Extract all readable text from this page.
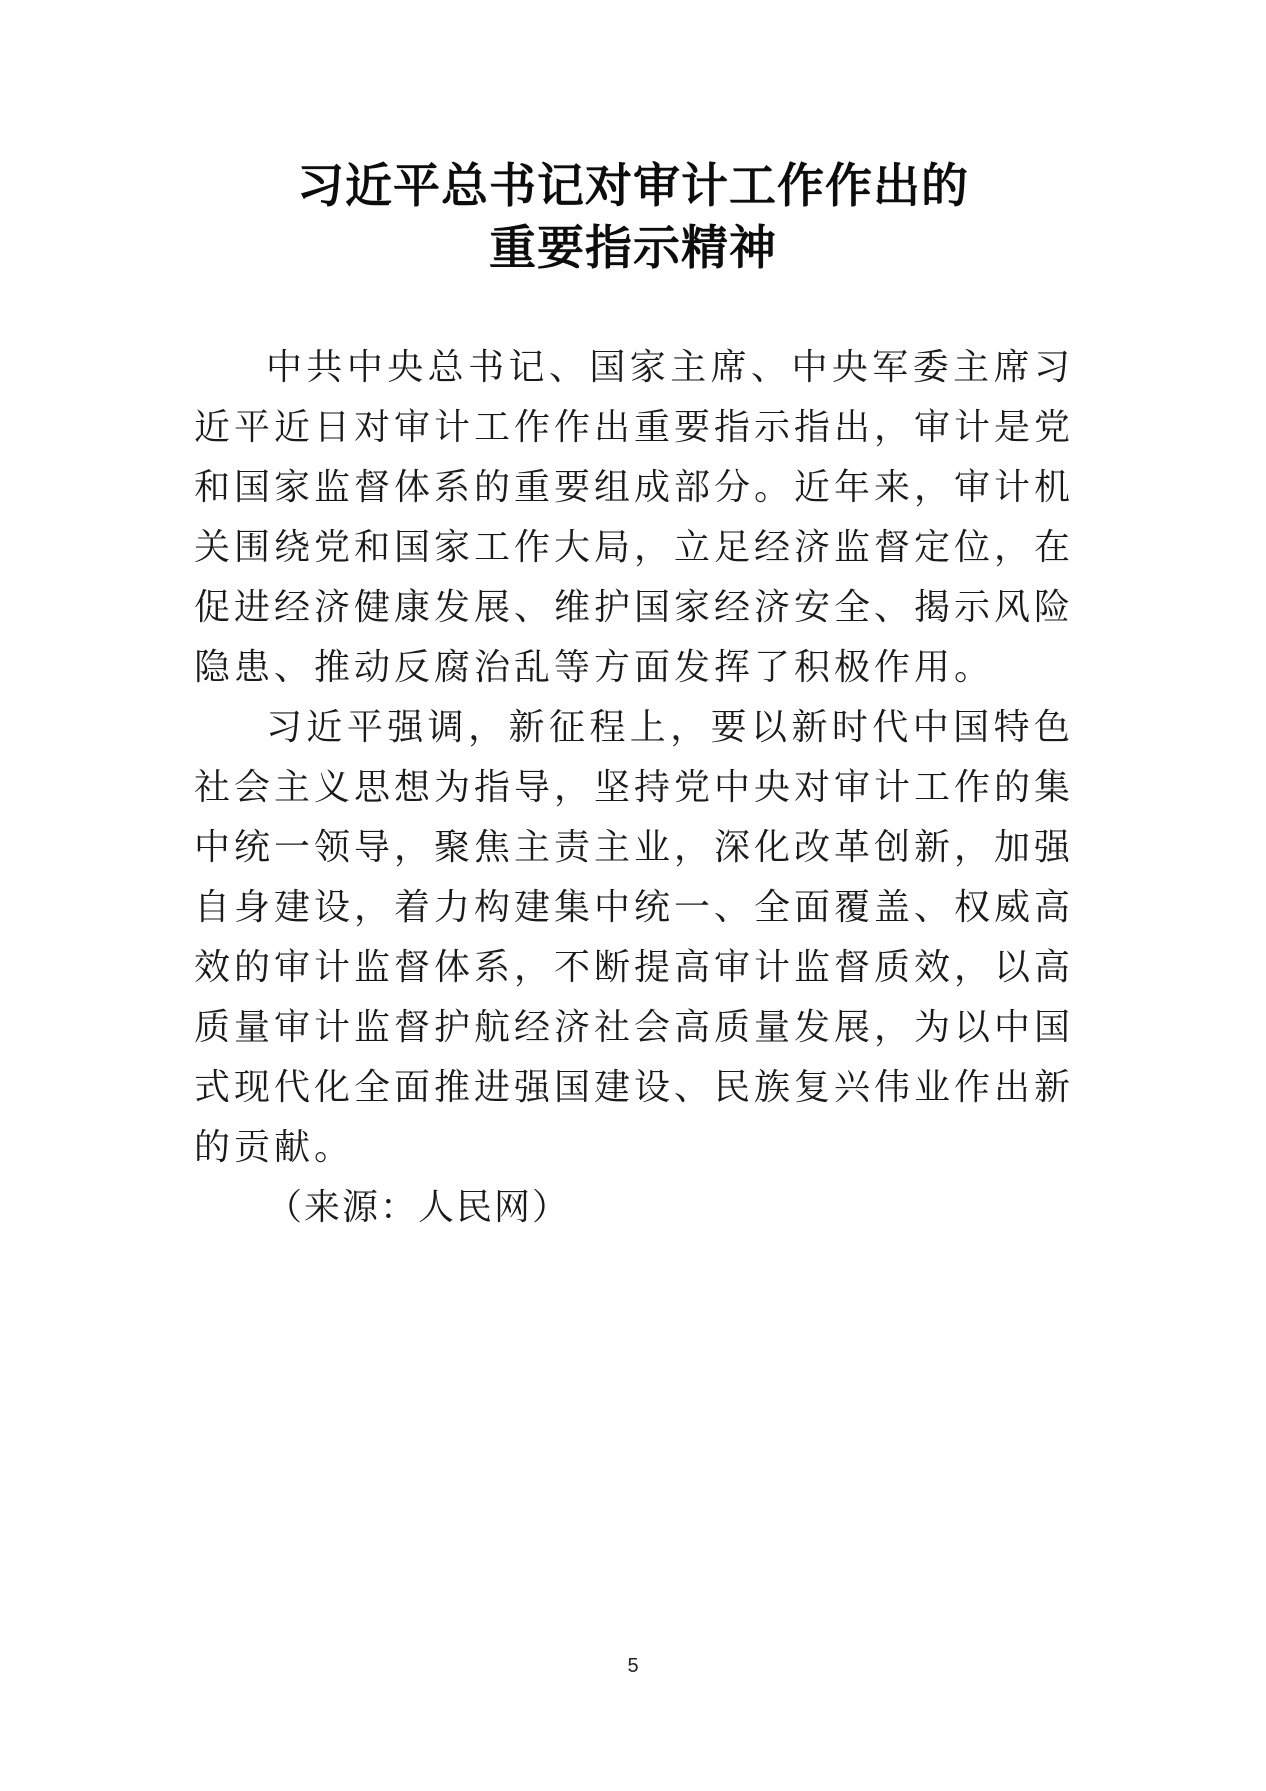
习近平总书记对审计工作作出的
重要指示精神

中共中央总书记、国家主席、中央军委主席习近平近日对审计工作作出重要指示指出，审计是党和国家监督体系的重要组成部分。近年来，审计机关围绕党和国家工作大局，立足经济监督定位，在促进经济健康发展、维护国家经济安全、揭示风险隐患、推动反腐治乱等方面发挥了积极作用。

习近平强调，新征程上，要以新时代中国特色社会主义思想为指导，坚持党中央对审计工作的集中统一领导，聚焦主责主业，深化改革创新，加强自身建设，着力构建集中统一、全面覆盖、权威高效的审计监督体系，不断提高审计监督质效，以高质量审计监督护航经济社会高质量发展，为以中国式现代化全面推进强国建设、民族复兴伟业作出新的贡献。

（来源：人民网）

5
